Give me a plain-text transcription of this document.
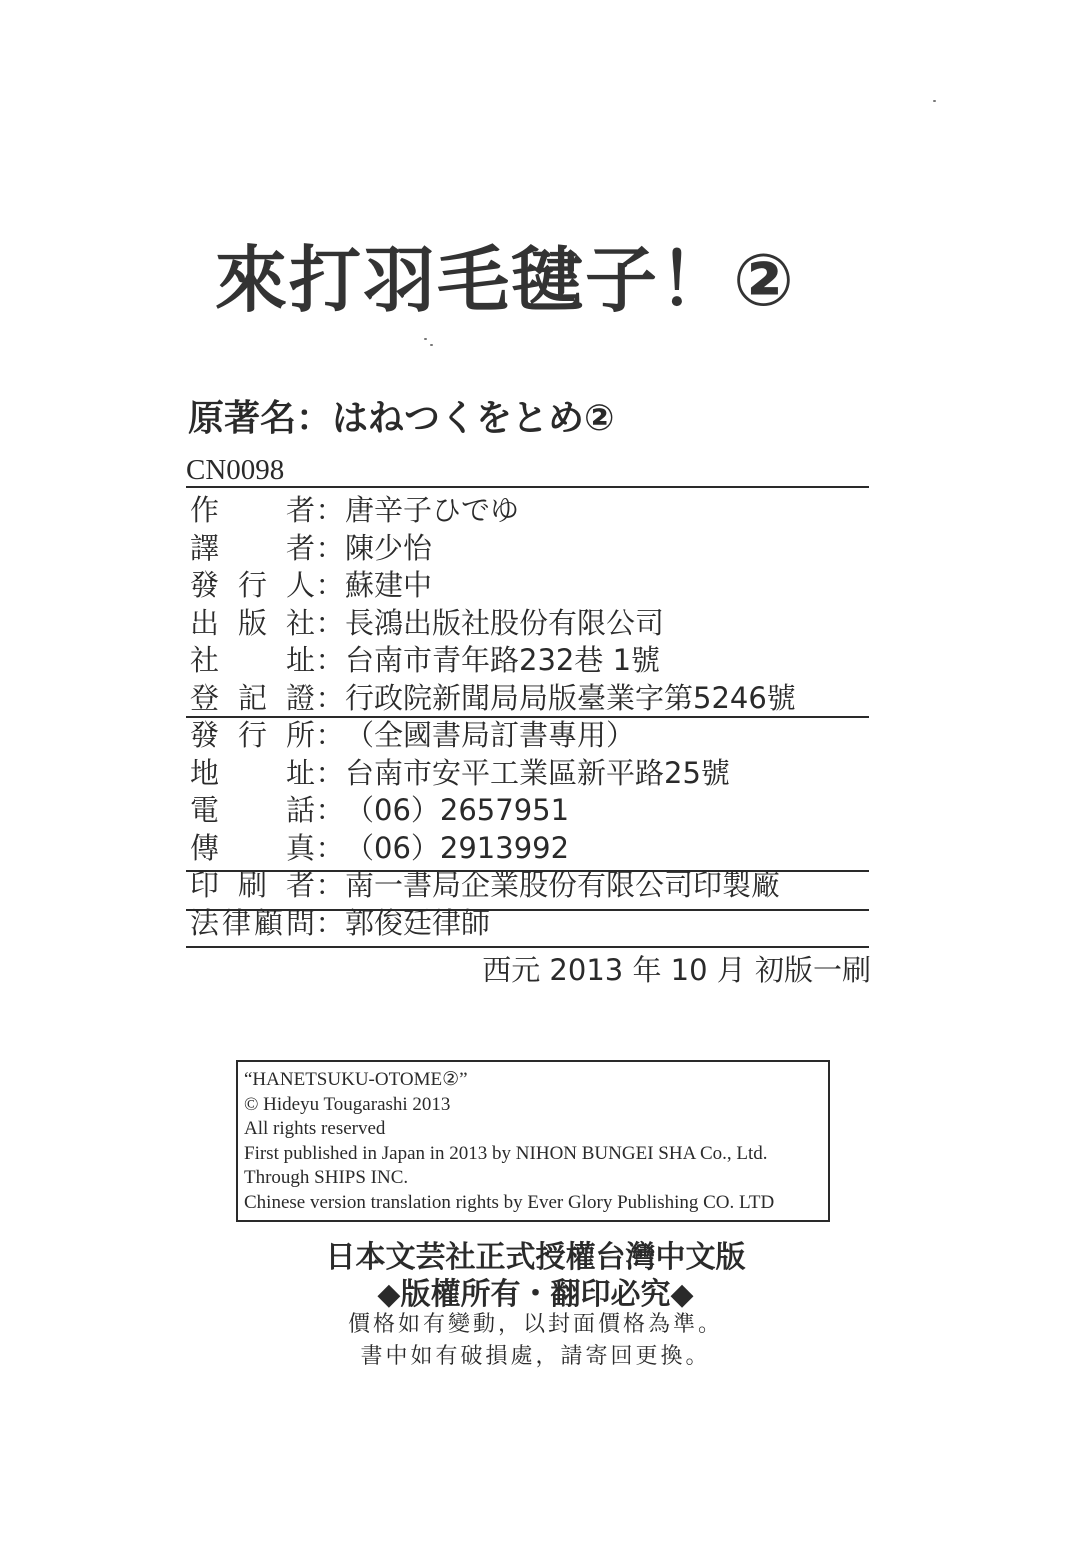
來打羽毛毽子！②
原著名：はねつくをとめ②
CN0098
作 者 ： 唐辛子ひでゆ
譯 者 ： 陳少怡
發 行 人 ： 蘇建中
出 版 社 ： 長鴻出版社股份有限公司
社 址 ： 台南市青年路232巷 1號
登 記 證 ： 行政院新聞局局版臺業字第5246號
發 行 所 ： （全國書局訂書專用）
地 址 ： 台南市安平工業區新平路25號
電 話 ： （06）2657951
傳 真 ： （06）2913992
印 刷 者 ： 南一書局企業股份有限公司印製廠
法 律 顧 問 ： 郭俊廷律師
西元 2013 年 10 月 初版一刷
“HANETSUKU-OTOME②”
© Hideyu Tougarashi 2013
All rights reserved
First published in Japan in 2013 by NIHON BUNGEI SHA Co., Ltd.
Through SHIPS INC.
Chinese version translation rights by Ever Glory Publishing CO. LTD
日本文芸社正式授權台灣中文版
◆版權所有・翻印必究◆
價格如有變動，以封面價格為準。
書中如有破損處，請寄回更換。
